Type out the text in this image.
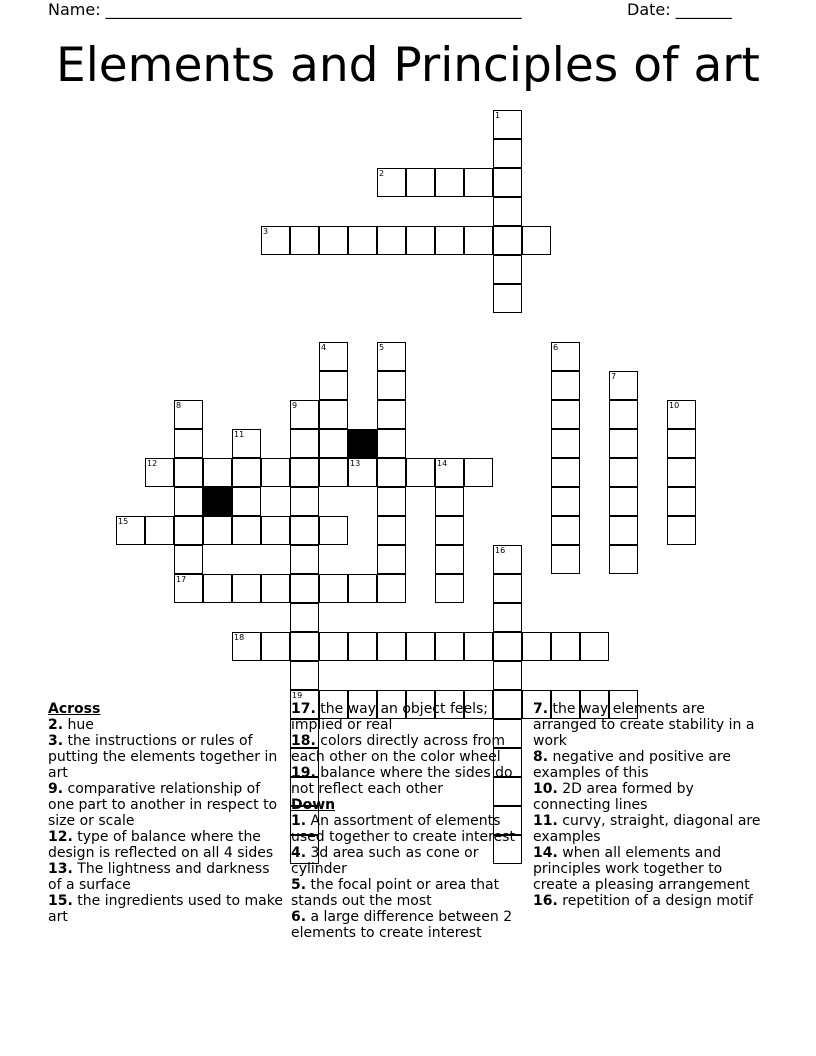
Name: ____________________________________________________	Date: _______
Elements and Principles of art
1
2
3
4	5	6
7
8	9
19
10
11
12	13	14
15
16
17
18

Across

2. hue

3. the instructions or rules of putting the elements together in art

9. comparative relationship of one part to another in respect to size or scale

12. type of balance where the design is reflected on all 4 sides

13. The lightness and darkness of a surface

15. the ingredients used to make art

17. the way an object feels; implied or real

18. colors directly across from each other on the color wheel

19. balance where the sides do not reflect each other

Down

1. An assortment of elements used together to create interest

4. 3d area such as cone or cylinder

5. the focal point or area that stands out the most

6. a large difference between 2 elements to create interest

7. the way elements are arranged to create stability in a work

8. negative and positive are examples of this

10. 2D area formed by connecting lines

11. curvy, straight, diagonal are examples

14. when all elements and principles work together to create a pleasing arrangement

16. repetition of a design motif
